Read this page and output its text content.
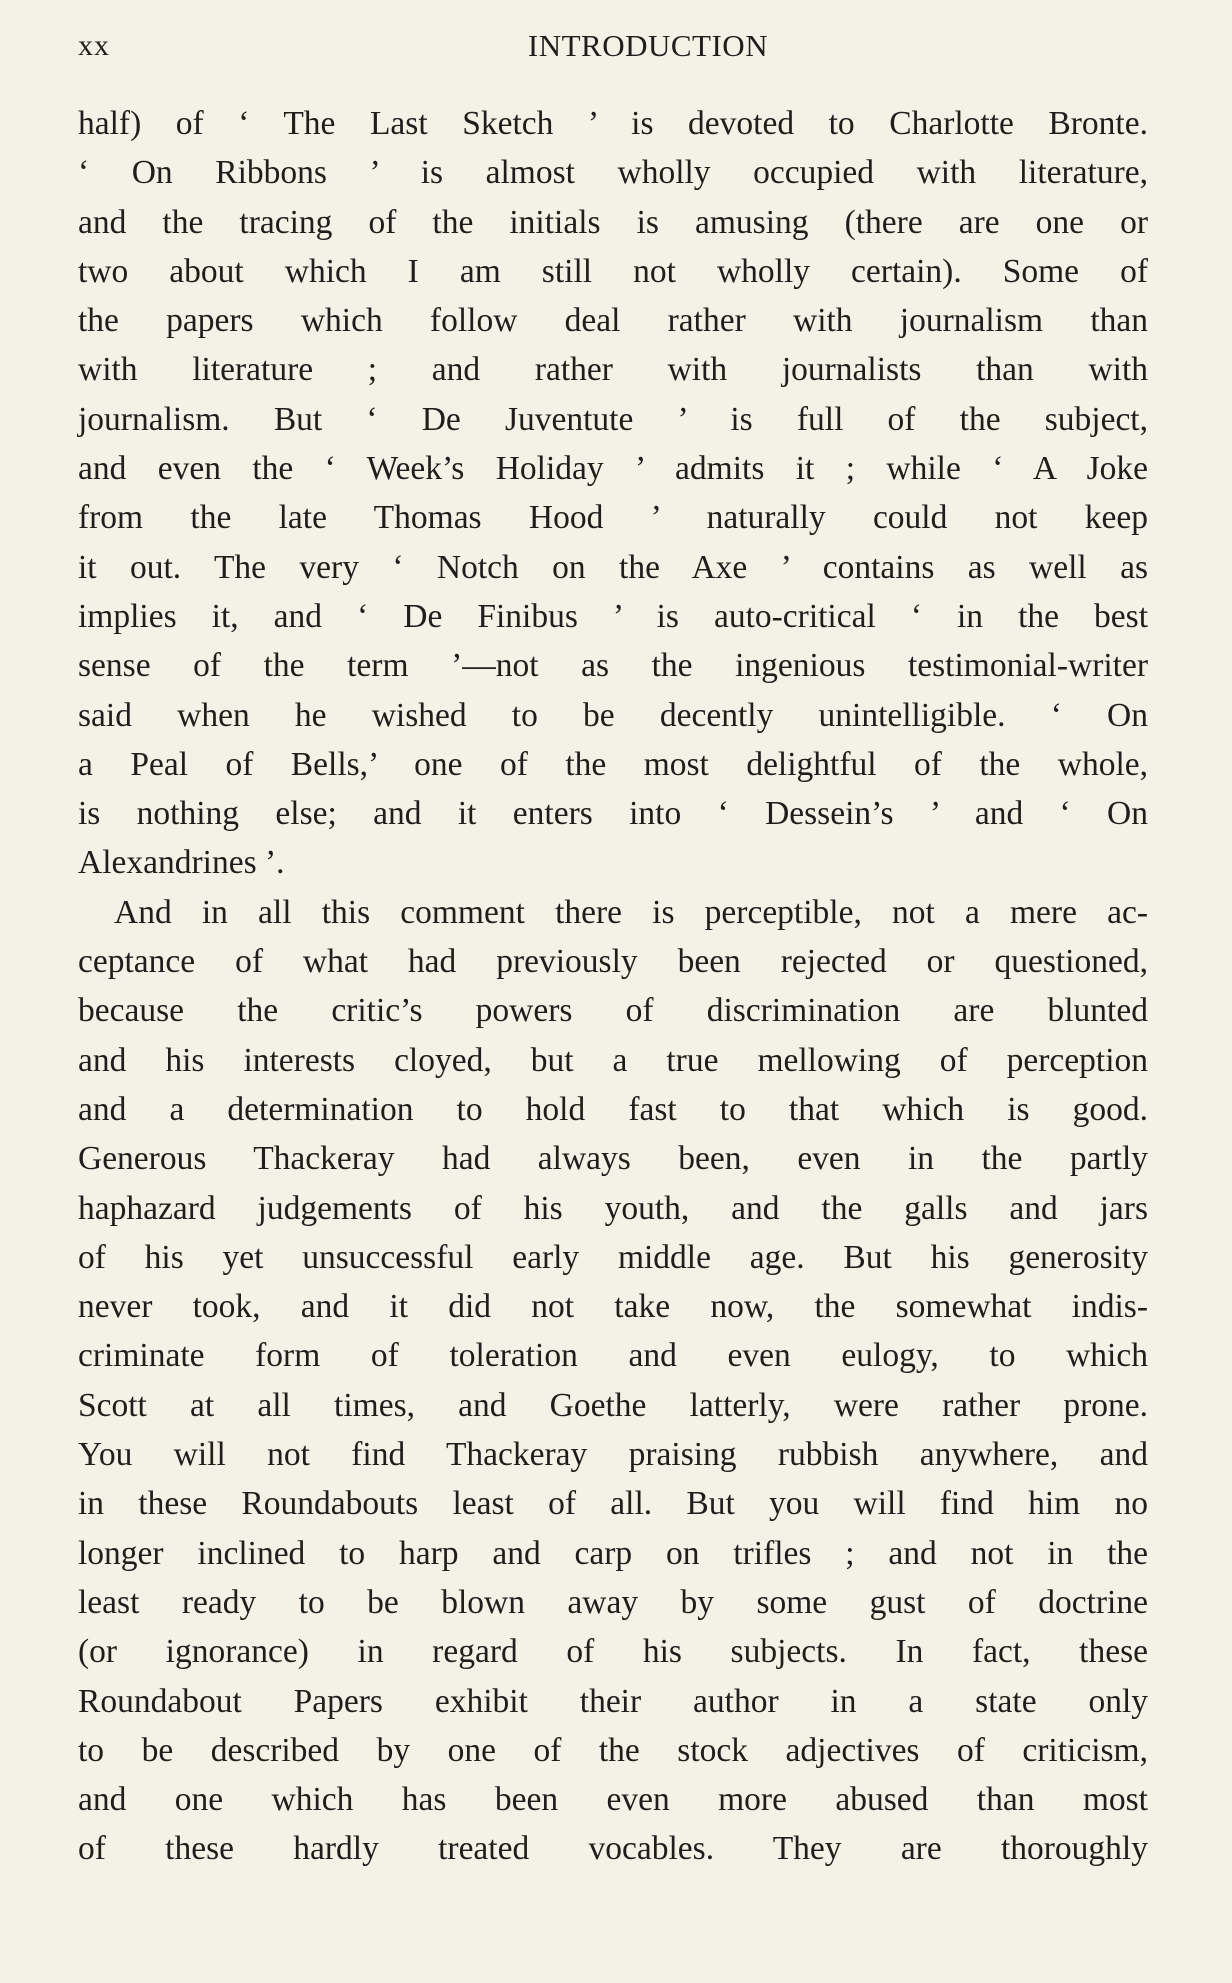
xx	INTRODUCTION
half) of ‘ The Last Sketch ’ is devoted to Charlotte Bronte.
‘ On Ribbons ’ is almost wholly occupied with literature,
and the tracing of the initials is amusing (there are one or
two about which I am still not wholly certain). Some of
the papers which follow deal rather with journalism than
with literature ; and rather with journalists than with
journalism. But ‘ De Juventute ’ is full of the subject,
and even the ‘ Week’s Holiday ’ admits it ; while ‘ A Joke
from the late Thomas Hood ’ naturally could not keep
it out. The very ‘ Notch on the Axe ’ contains as well as
implies it, and ‘ De Finibus ’ is auto-critical ‘ in the best
sense of the term ’—not as the ingenious testimonial-writer
said when he wished to be decently unintelligible. ‘ On
a Peal of Bells,’ one of the most delightful of the whole,
is nothing else; and it enters into ‘ Dessein’s ’ and ‘ On
Alexandrines ’.
And in all this comment there is perceptible, not a mere ac-
ceptance of what had previously been rejected or questioned,
because the critic’s powers of discrimination are blunted
and his interests cloyed, but a true mellowing of perception
and a determination to hold fast to that which is good.
Generous Thackeray had always been, even in the partly
haphazard judgements of his youth, and the galls and jars
of his yet unsuccessful early middle age. But his generosity
never took, and it did not take now, the somewhat indis-
criminate form of toleration and even eulogy, to which
Scott at all times, and Goethe latterly, were rather prone.
You will not find Thackeray praising rubbish anywhere, and
in these Roundabouts least of all. But you will find him no
longer inclined to harp and carp on trifles ; and not in the
least ready to be blown away by some gust of doctrine
(or ignorance) in regard of his subjects. In fact, these
Roundabout Papers exhibit their author in a state only
to be described by one of the stock adjectives of criticism,
and one which has been even more abused than most
of these hardly treated vocables. They are thoroughly
